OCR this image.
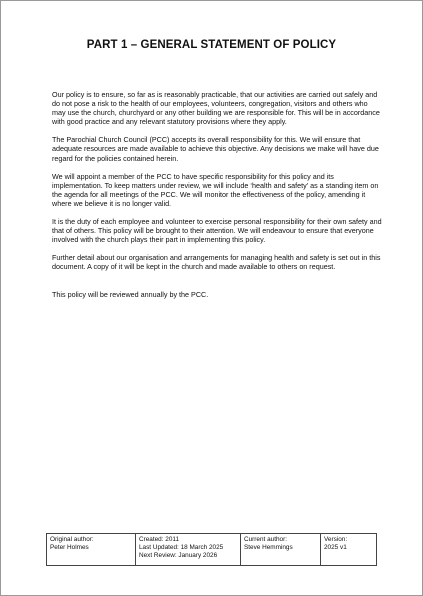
PART 1 – GENERAL STATEMENT OF POLICY

Our policy is to ensure, so far as is reasonably practicable, that our activities are carried out safely and do not pose a risk to the health of our employees, volunteers, congregation, visitors and others who may use the church, churchyard or any other building we are responsible for. This will be in accordance with good practice and any relevant statutory provisions where they apply.

The Parochial Church Council (PCC) accepts its overall responsibility for this. We will ensure that adequate resources are made available to achieve this objective. Any decisions we make will have due regard for the policies contained herein.

We will appoint a member of the PCC to have specific responsibility for this policy and its implementation. To keep matters under review, we will include ‘health and safety’ as a standing item on the agenda for all meetings of the PCC. We will monitor the effectiveness of the policy, amending it where we believe it is no longer valid.

It is the duty of each employee and volunteer to exercise personal responsibility for their own safety and that of others. This policy will be brought to their attention. We will endeavour to ensure that everyone involved with the church plays their part in implementing this policy.

Further detail about our organisation and arrangements for managing health and safety is set out in this document. A copy of it will be kept in the church and made available to others on request.

This policy will be reviewed annually by the PCC.

Original author:
Peter Holmes

Created: 2011
Last Updated: 18 March 2025
Next Review: January 2026

Current author:
Steve Hemmings

Version:
2025 v1
